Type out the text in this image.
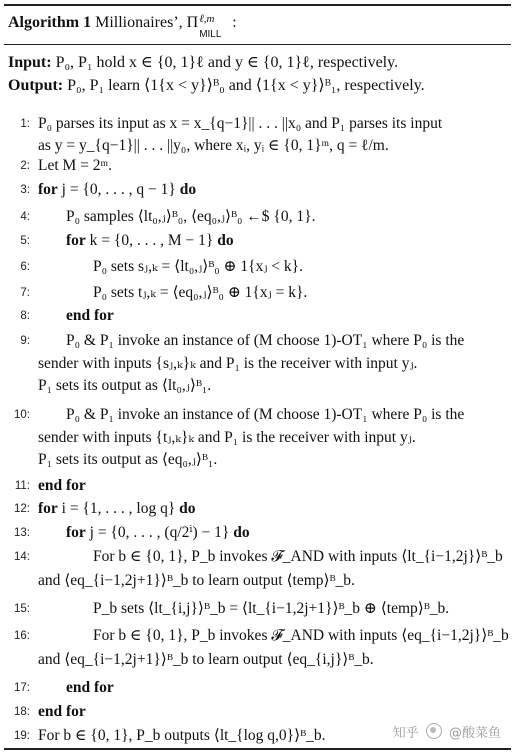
Algorithm 1 Millionaires’, Π ℓ,m
MILL
:
Input: P₀, P₁ hold x ∈ {0, 1}ℓ and y ∈ {0, 1}ℓ, respectively.
Output: P₀, P₁ learn ⟨1{x < y}⟩ᴮ₀ and ⟨1{x < y}⟩ᴮ₁, respectively.
1: P₀ parses its input as x = x_{q−1}|| . . . ||x₀ and P₁ parses its input
as y = y_{q−1}|| . . . ||y₀, where xᵢ, yᵢ ∈ {0, 1}ᵐ, q = ℓ/m.
2: Let M = 2ᵐ.
3: for j = {0, . . . , q − 1} do
4: P₀ samples ⟨lt₀,ⱼ⟩ᴮ₀, ⟨eq₀,ⱼ⟩ᴮ₀ ←$ {0, 1}.
5: for k = {0, . . . , M − 1} do
6:	P₀ sets sⱼ,ₖ = ⟨lt₀,ⱼ⟩ᴮ₀ ⊕ 1{xⱼ < k}.
7:	P₀ sets tⱼ,ₖ = ⟨eq₀,ⱼ⟩ᴮ₀ ⊕ 1{xⱼ = k}.
8: end for
9: P₀ & P₁ invoke an instance of (M choose 1)-OT₁ where P₀ is the
sender with inputs {sⱼ,ₖ}ₖ and P₁ is the receiver with input yⱼ.
P₁ sets its output as ⟨lt₀,ⱼ⟩ᴮ₁.
10: P₀ & P₁ invoke an instance of (M choose 1)-OT₁ where P₀ is the
sender with inputs {tⱼ,ₖ}ₖ and P₁ is the receiver with input yⱼ.
P₁ sets its output as ⟨eq₀,ⱼ⟩ᴮ₁.
11: end for
12: for i = {1, . . . , log q} do
13: for j = {0, . . . , (q/2ⁱ) − 1} do
14:	For b ∈ {0, 1}, P_b invokes 𝓕_AND with inputs ⟨lt_{i−1,2j}⟩ᴮ_b
and ⟨eq_{i−1,2j+1}⟩ᴮ_b to learn output ⟨temp⟩ᴮ_b.
15:	P_b sets ⟨lt_{i,j}⟩ᴮ_b = ⟨lt_{i−1,2j+1}⟩ᴮ_b ⊕ ⟨temp⟩ᴮ_b.
16:	For b ∈ {0, 1}, P_b invokes 𝓕_AND with inputs ⟨eq_{i−1,2j}⟩ᴮ_b
and ⟨eq_{i−1,2j+1}⟩ᴮ_b to learn output ⟨eq_{i,j}⟩ᴮ_b.
17: end for
18: end for
19: For b ∈ {0, 1}, P_b outputs ⟨lt_{log q,0}⟩ᴮ_b.	知乎 @酸菜鱼
